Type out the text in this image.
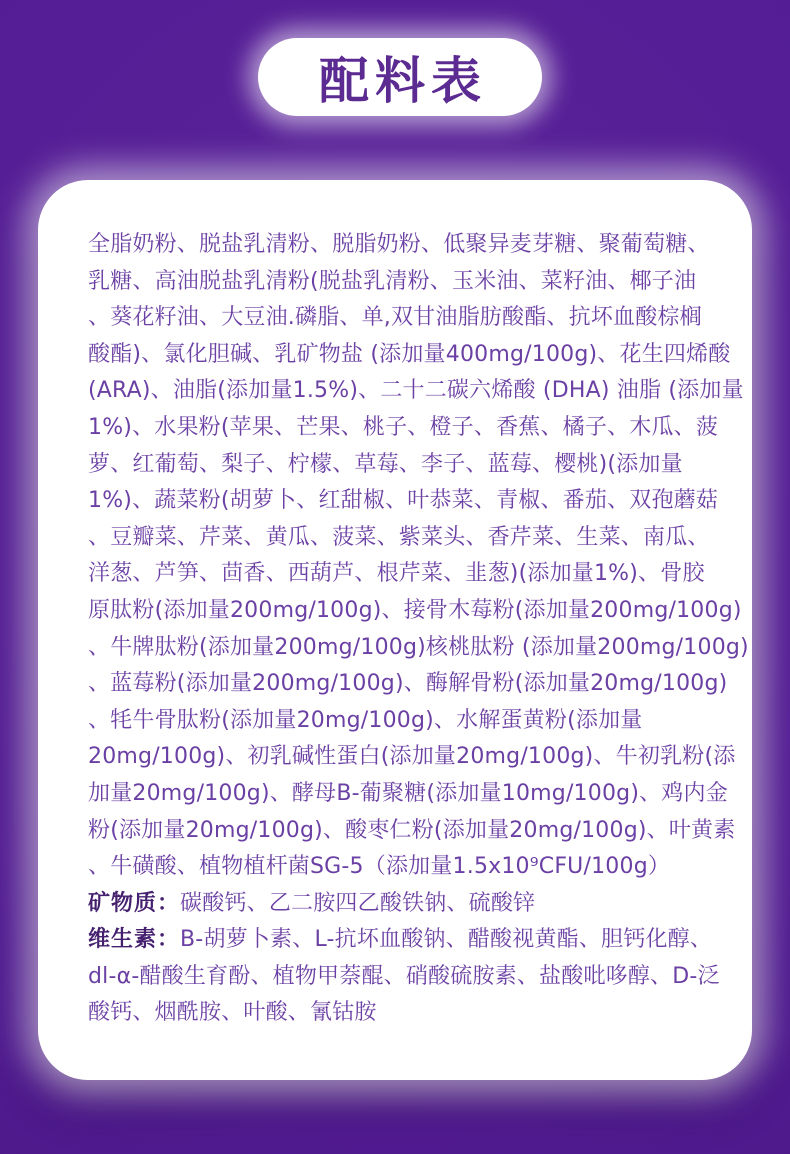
配料表
全脂奶粉、脱盐乳清粉、脱脂奶粉、低聚异麦芽糖、聚葡萄糖、
乳糖、高油脱盐乳清粉(脱盐乳清粉、玉米油、菜籽油、椰子油
、葵花籽油、大豆油.磷脂、单,双甘油脂肪酸酯、抗坏血酸棕榈
酸酯)、氯化胆碱、乳矿物盐 (添加量400mg/100g)、花生四烯酸
(ARA)、油脂(添加量1.5%)、二十二碳六烯酸 (DHA) 油脂 (添加量
1%)、水果粉(苹果、芒果、桃子、橙子、香蕉、橘子、木瓜、菠
萝、红葡萄、梨子、柠檬、草莓、李子、蓝莓、樱桃)(添加量
1%)、蔬菜粉(胡萝卜、红甜椒、叶恭菜、青椒、番茄、双孢蘑菇
、豆瓣菜、芹菜、黄瓜、菠菜、紫菜头、香芹菜、生菜、南瓜、
洋葱、芦笋、茴香、西葫芦、根芹菜、韭葱)(添加量1%)、骨胶
原肽粉(添加量200mg/100g)、接骨木莓粉(添加量200mg/100g)
、牛牌肽粉(添加量200mg/100g)核桃肽粉 (添加量200mg/100g)
、蓝莓粉(添加量200mg/100g)、酶解骨粉(添加量20mg/100g)
、牦牛骨肽粉(添加量20mg/100g)、水解蛋黄粉(添加量
20mg/100g)、初乳碱性蛋白(添加量20mg/100g)、牛初乳粉(添
加量20mg/100g)、酵母B-葡聚糖(添加量10mg/100g)、鸡内金
粉(添加量20mg/100g)、酸枣仁粉(添加量20mg/100g)、叶黄素
、牛磺酸、植物植杆菌SG-5（添加量1.5x10⁹CFU/100g）
矿物质：碳酸钙、乙二胺四乙酸铁钠、硫酸锌
维生素：B-胡萝卜素、L-抗坏血酸钠、醋酸视黄酯、胆钙化醇、
dl-α-醋酸生育酚、植物甲萘醌、硝酸硫胺素、盐酸吡哆醇、D-泛
酸钙、烟酰胺、叶酸、氰钴胺
